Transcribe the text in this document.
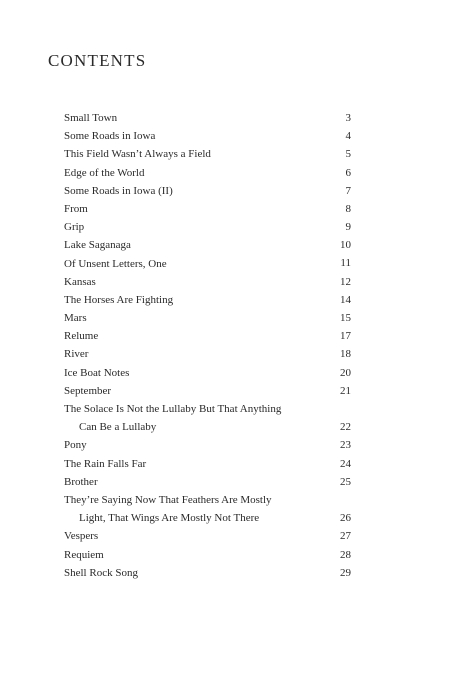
CONTENTS
Small Town	3
Some Roads in Iowa	4
This Field Wasn’t Always a Field	5
Edge of the World	6
Some Roads in Iowa (II)	7
From	8
Grip	9
Lake Saganaga	10
Of Unsent Letters, One	11
Kansas	12
The Horses Are Fighting	14
Mars	15
Relume	17
River	18
Ice Boat Notes	20
September	21
The Solace Is Not the Lullaby But That Anything
Can Be a Lullaby	22
Pony	23
The Rain Falls Far	24
Brother	25
They’re Saying Now That Feathers Are Mostly
Light, That Wings Are Mostly Not There	26
Vespers	27
Requiem	28
Shell Rock Song	29
